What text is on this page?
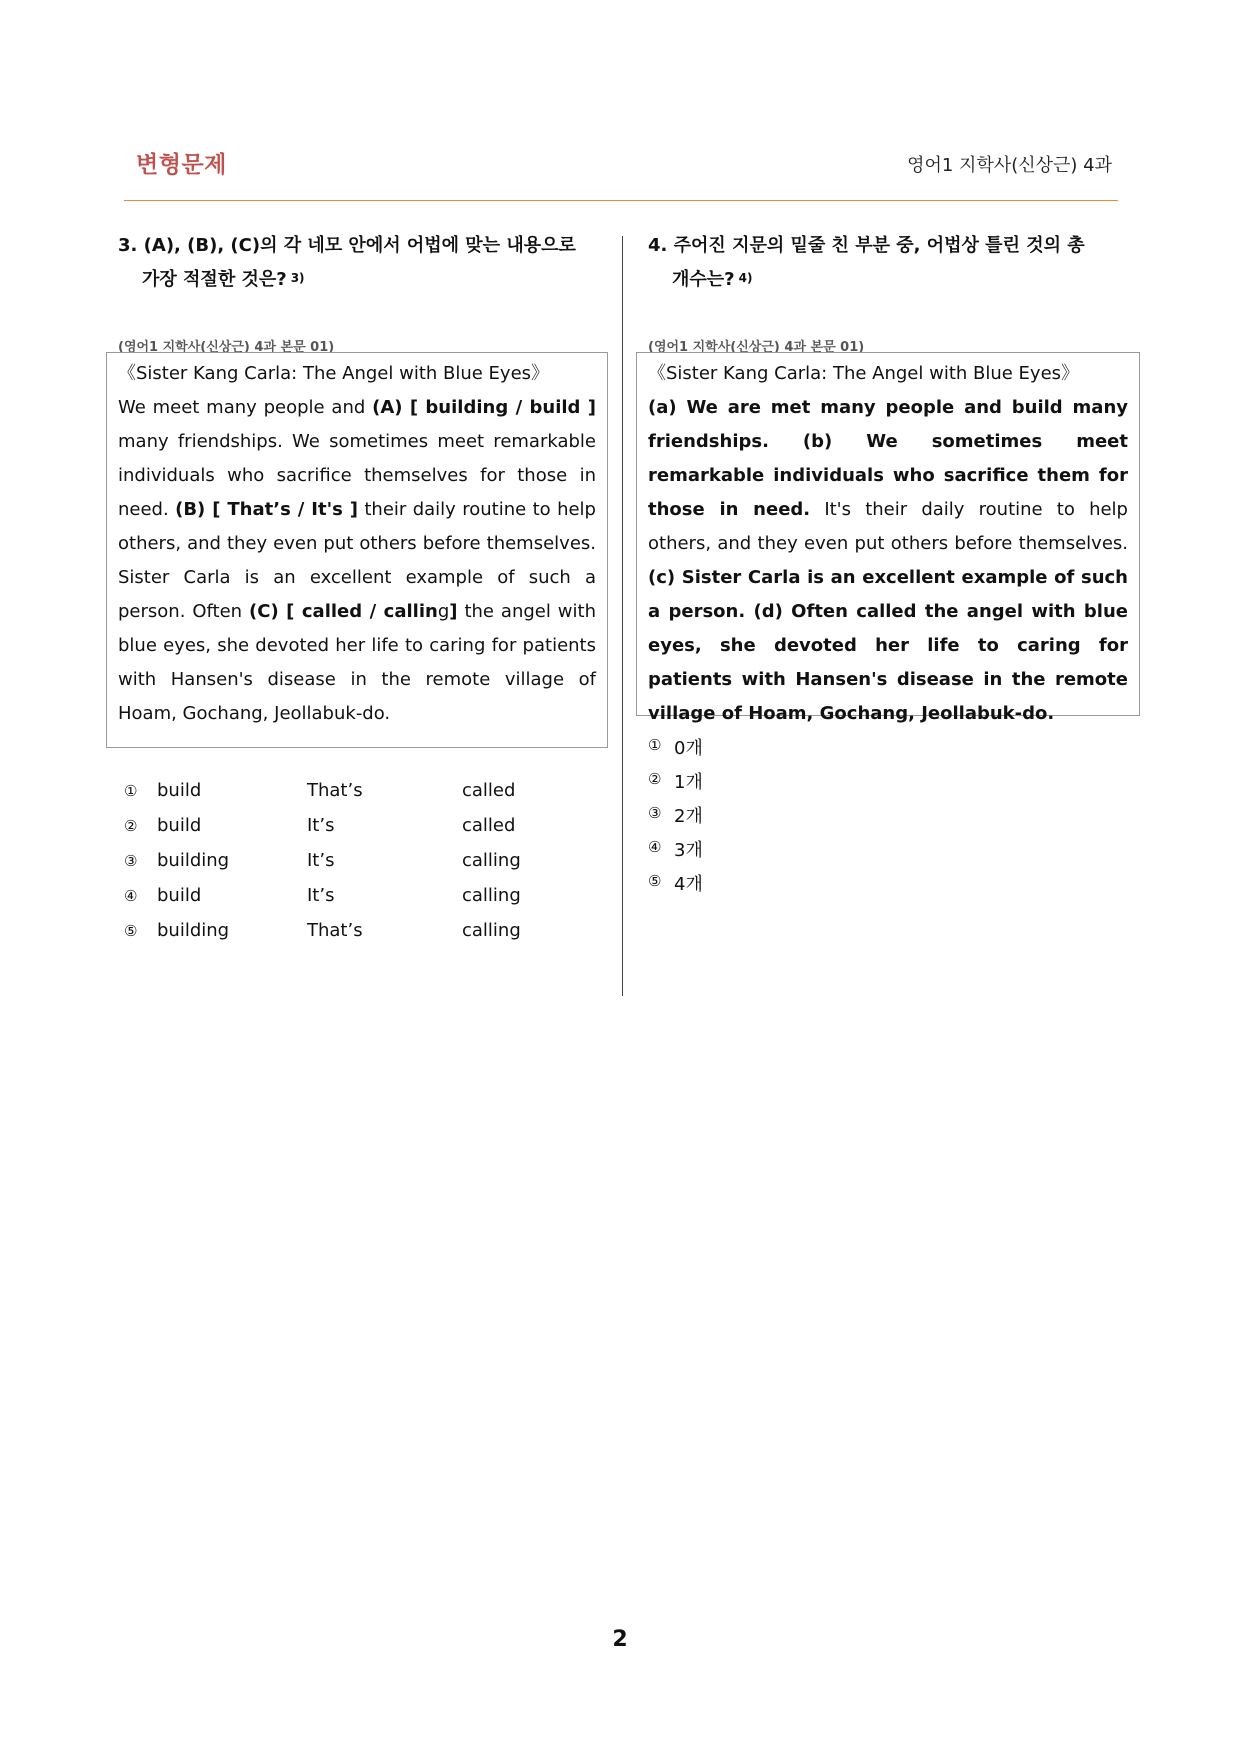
변형문제	영어1 지학사(신상근) 4과
3. (A), (B), (C)의 각 네모 안에서 어법에 맞는 내용으로
가장 적절한 것은? $^{3)}$
(영어1 지학사(신상근) 4과 본문 01)

《Sister Kang Carla: The Angel with Blue Eyes》

We meet many people and (A) [ building / build ] many friendships. We sometimes meet remarkable individuals who sacrifice themselves for those in need. (B) [ That’s / It's ] their daily routine to help others, and they even put others before themselves. Sister Carla is an excellent example of such a person. Often (C) [ called / calling] the angel with blue eyes, she devoted her life to caring for patients with Hansen's disease in the remote village of Hoam, Gochang, Jeollabuk-do.

① build	That’s	called
② build	It’s	called
③ building	It’s	calling
④ build	It’s	calling
⑤ building	That’s	calling
4. 주어진 지문의 밑줄 친 부분 중, 어법상 틀린 것의 총
개수는? $^{4)}$
(영어1 지학사(신상근) 4과 본문 01)

《Sister Kang Carla: The Angel with Blue Eyes》

(a) We are met many people and build many friendships. (b) We sometimes meet remarkable individuals who sacrifice them for those in need. It's their daily routine to help others, and they even put others before themselves. (c) Sister Carla is an excellent example of such a person. (d) Often called the angel with blue eyes, she devoted her life to caring for patients with Hansen's disease in the remote village of Hoam, Gochang, Jeollabuk-do.

① 0개
② 1개
③ 2개
④ 3개
⑤ 4개
2
